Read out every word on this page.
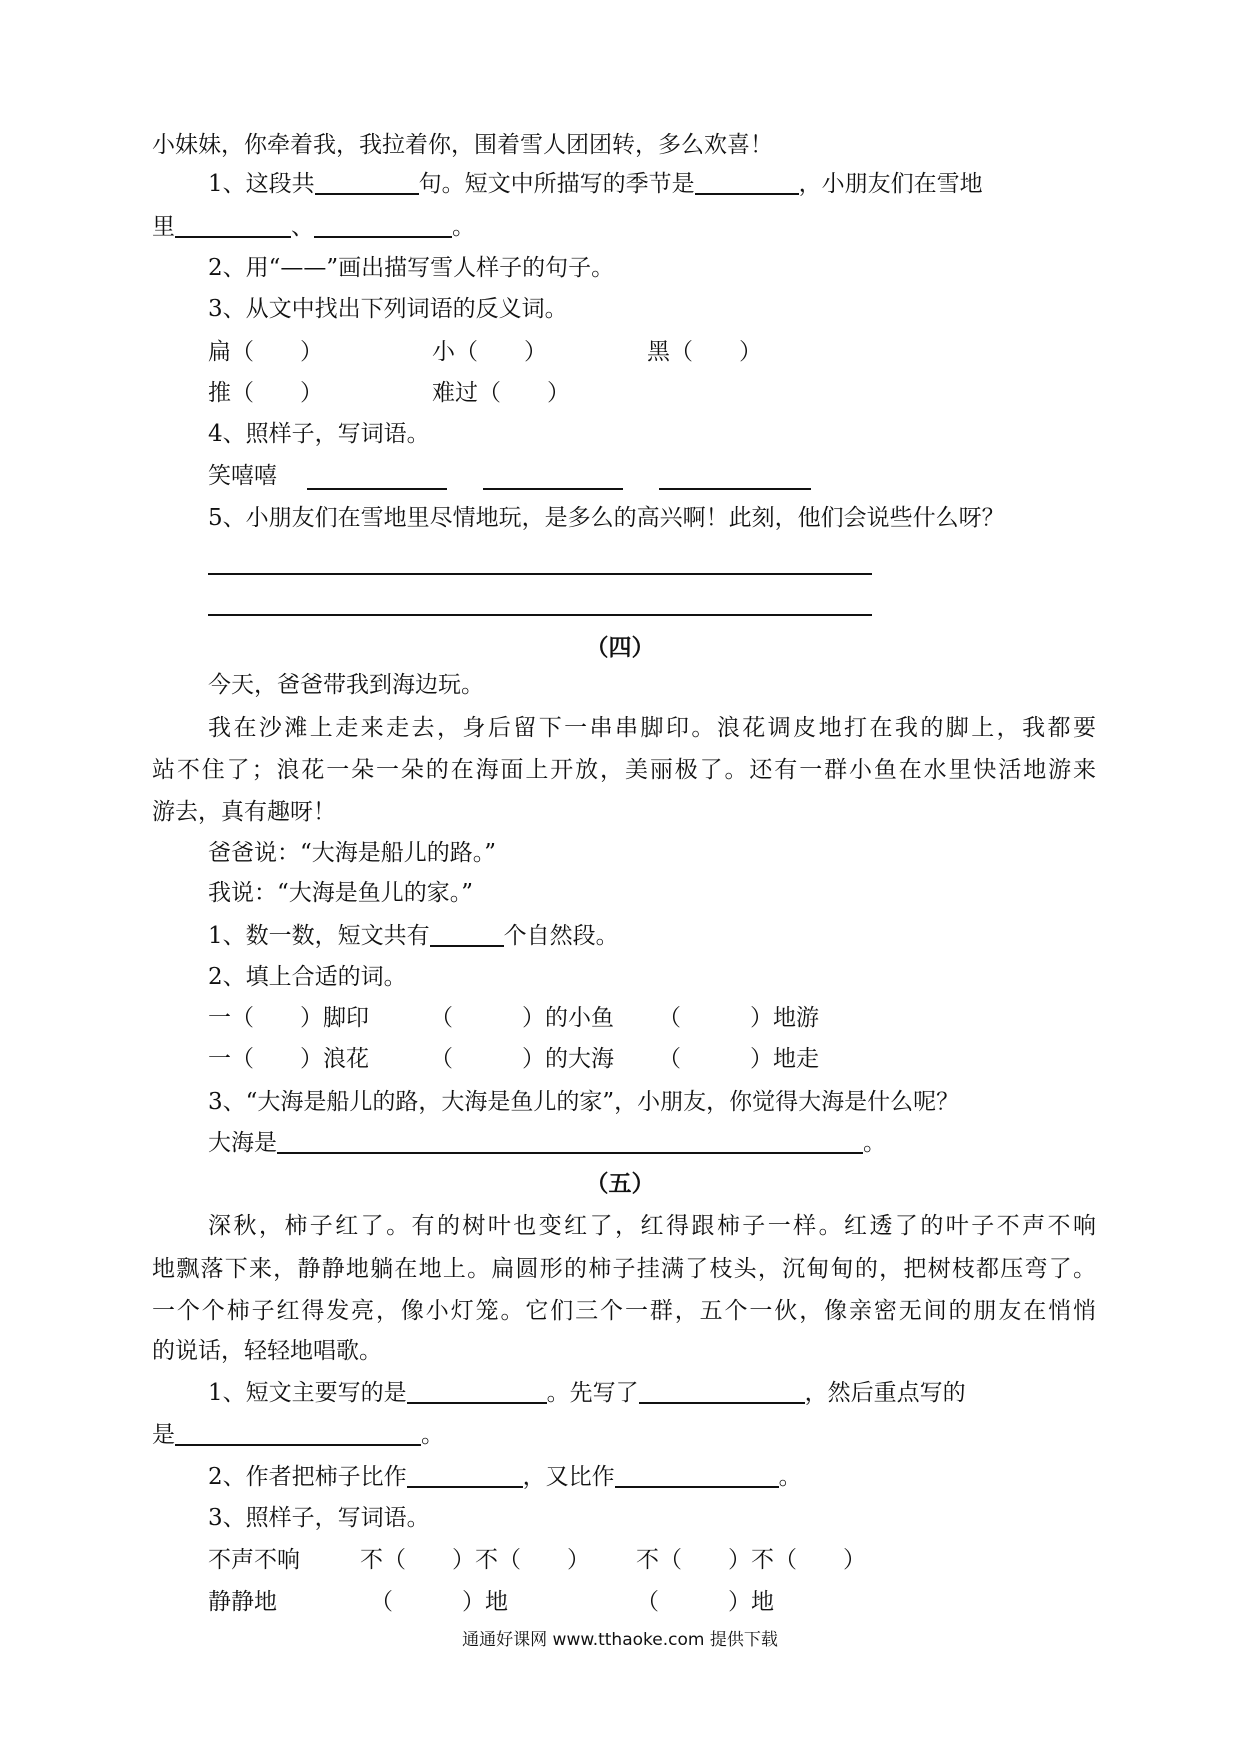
小妹妹，你牵着我，我拉着你，围着雪人团团转，多么欢喜！
1、这段共	句。短文中所描写的季节是	，小朋友们在雪地
里	、	。
2、用“——”画出描写雪人样子的句子。
3、从文中找出下列词语的反义词。
扁（　　）	小（　　）	黑（　　）
推（　　）	难过（　　）
4、照样子，写词语。
笑嘻嘻
5、小朋友们在雪地里尽情地玩，是多么的高兴啊！此刻，他们会说些什么呀？
（四）
今天，爸爸带我到海边玩。
我在沙滩上走来走去，身后留下一串串脚印。浪花调皮地打在我的脚上，我都要
站不住了；浪花一朵一朵的在海面上开放，美丽极了。还有一群小鱼在水里快活地游来
游去，真有趣呀！
爸爸说：“大海是船儿的路。”
我说：“大海是鱼儿的家。”
1、数一数，短文共有	个自然段。
2、填上合适的词。
一（　　）脚印	（　　　）的小鱼 （　　　）地游
一（　　）浪花	（　　　）的大海 （　　　）地走
3、“大海是船儿的路，大海是鱼儿的家”，小朋友，你觉得大海是什么呢？
大海是	。
（五）
深秋，柿子红了。有的树叶也变红了，红得跟柿子一样。红透了的叶子不声不响
地飘落下来，静静地躺在地上。扁圆形的柿子挂满了枝头，沉甸甸的，把树枝都压弯了。
一个个柿子红得发亮，像小灯笼。它们三个一群，五个一伙，像亲密无间的朋友在悄悄
的说话，轻轻地唱歌。
1、短文主要写的是	。先写了	，然后重点写的
是	。
2、作者把柿子比作	，又比作	。
3、照样子，写词语。
不声不响	不（　　）不（　　） 不（　　）不（　　）
静静地	（　　　）地	（　　　）地
通通好课网 www.tthaoke.com 提供下载
